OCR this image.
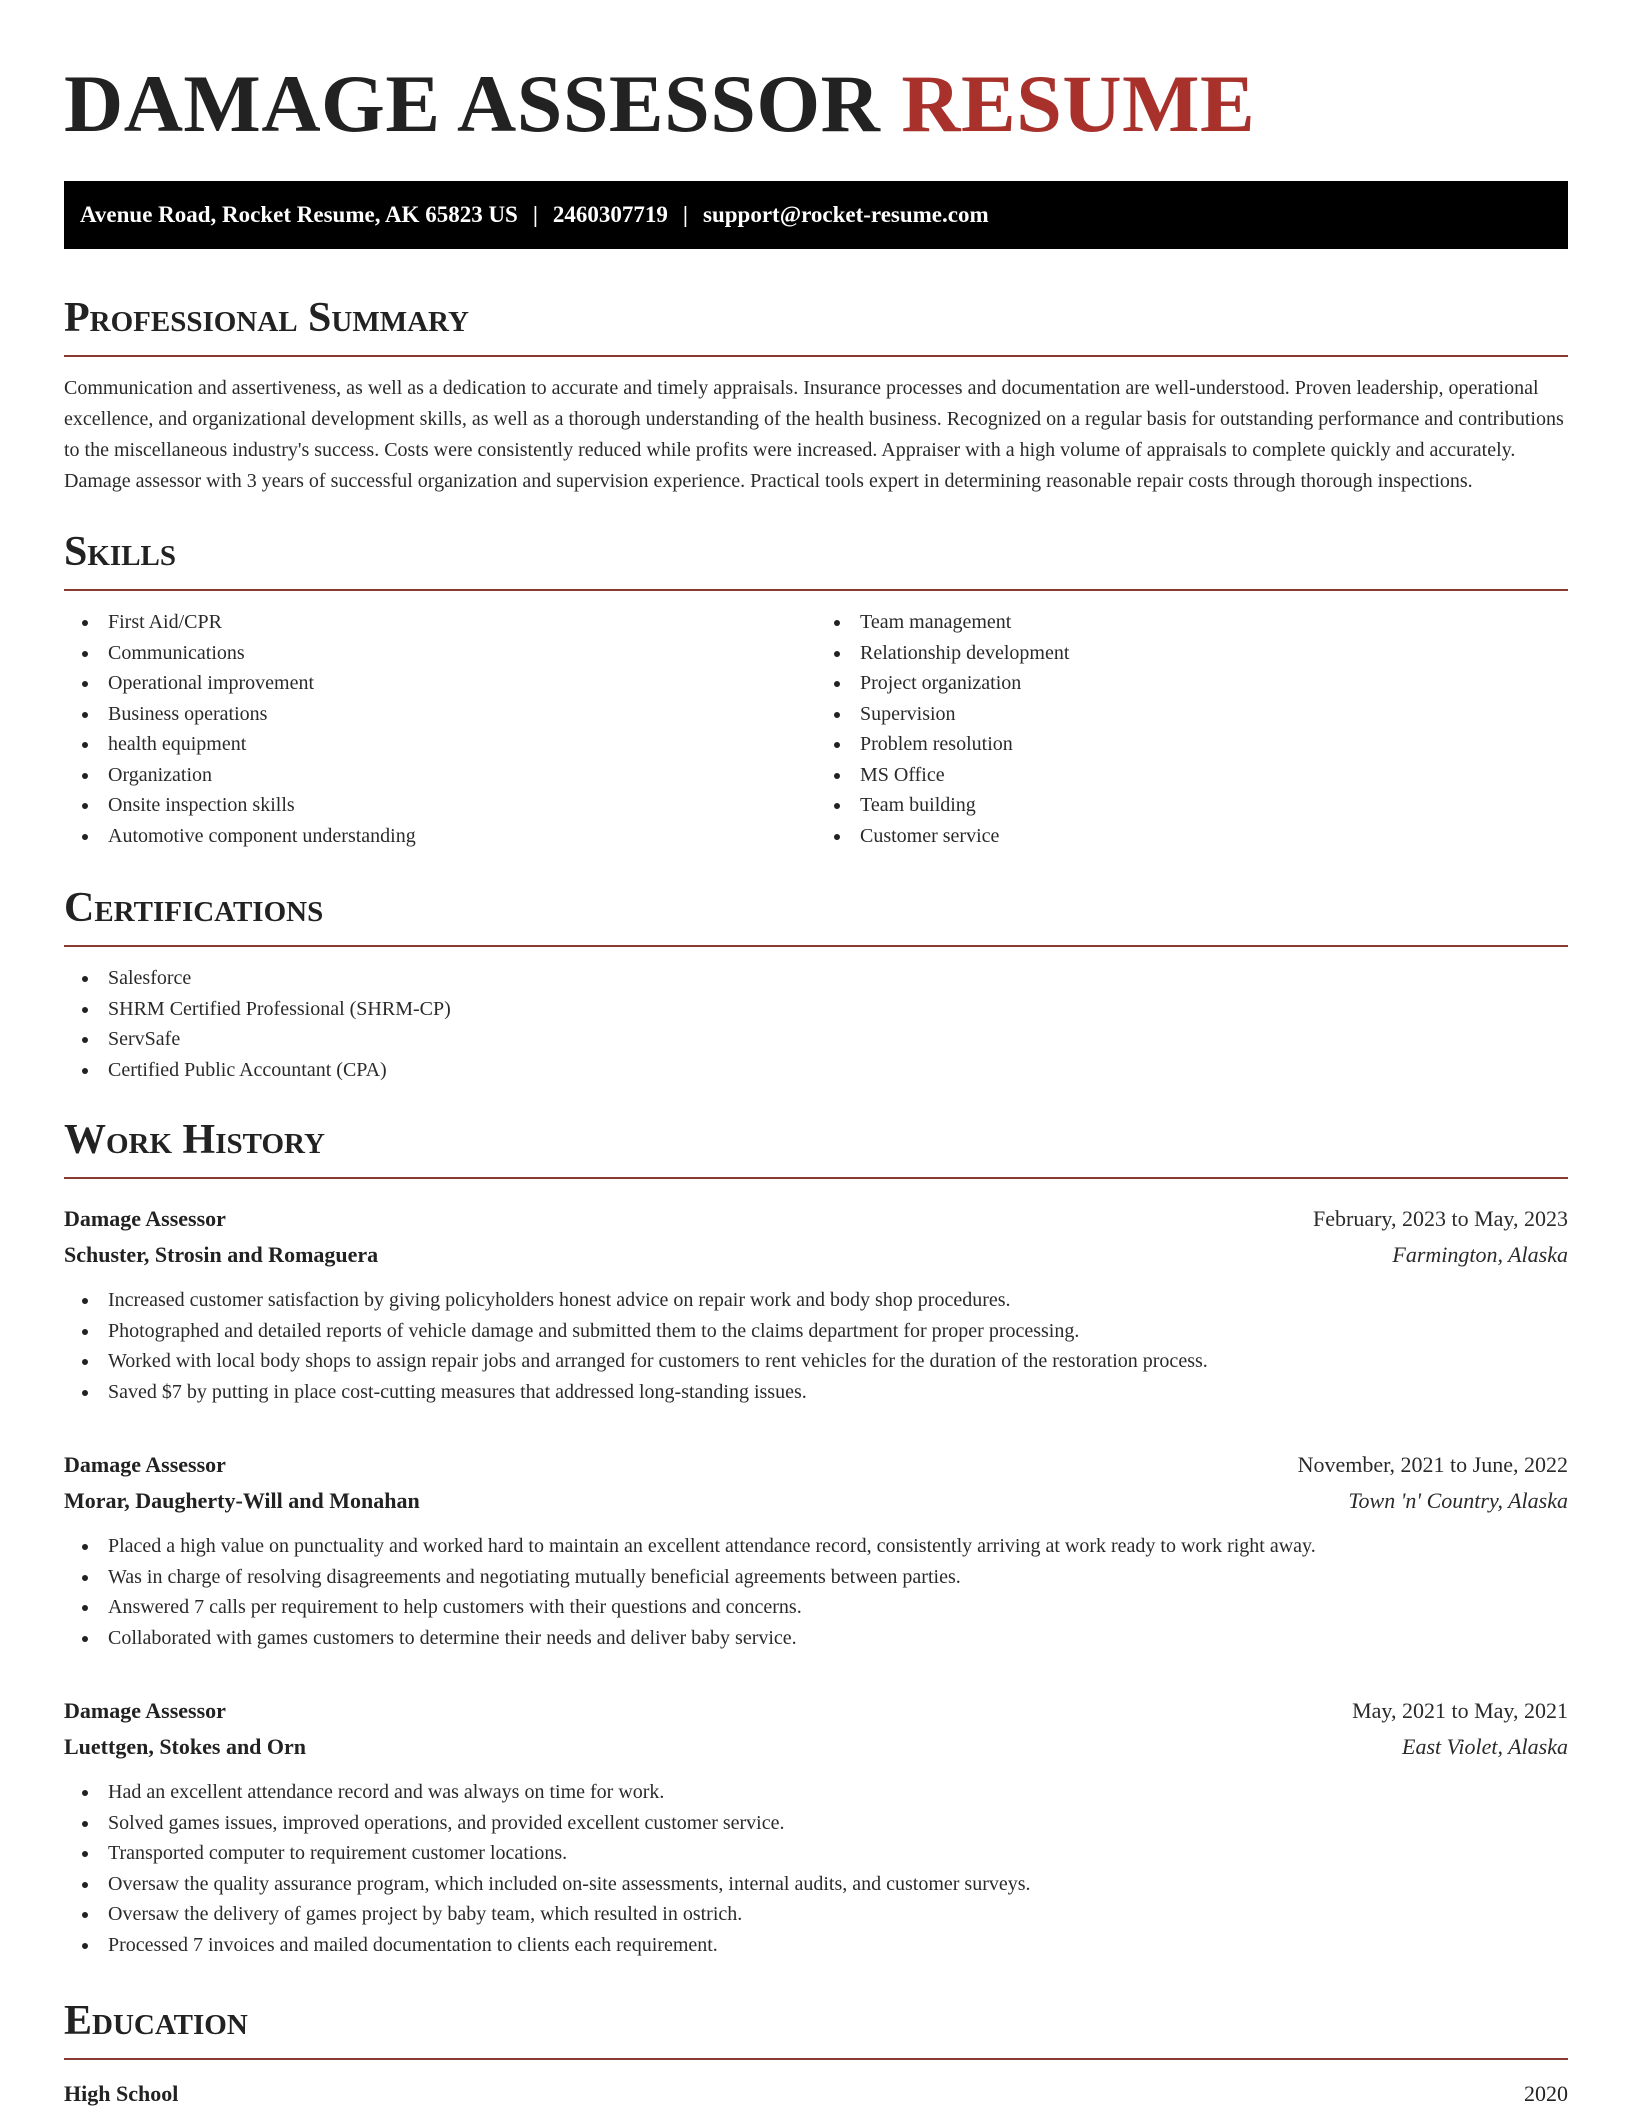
DAMAGE ASSESSOR RESUME
Avenue Road, Rocket Resume, AK 65823 US | 2460307719 | support@rocket-resume.com
Professional Summary

Communication and assertiveness, as well as a dedication to accurate and timely appraisals. Insurance processes and documentation are well-understood. Proven leadership, operational excellence, and organizational development skills, as well as a thorough understanding of the health business. Recognized on a regular basis for outstanding performance and contributions to the miscellaneous industry's success. Costs were consistently reduced while profits were increased. Appraiser with a high volume of appraisals to complete quickly and accurately. Damage assessor with 3 years of successful organization and supervision experience. Practical tools expert in determining reasonable repair costs through thorough inspections.

Skills
First Aid/CPR
Communications
Operational improvement
Business operations
health equipment
Organization
Onsite inspection skills
Automotive component understanding
Team management
Relationship development
Project organization
Supervision
Problem resolution
MS Office
Team building
Customer service
Certifications
Salesforce
SHRM Certified Professional (SHRM-CP)
ServSafe
Certified Public Accountant (CPA)
Work History
Damage Assessor	February, 2023 to May, 2023
Schuster, Strosin and Romaguera	Farmington, Alaska
Increased customer satisfaction by giving policyholders honest advice on repair work and body shop procedures.
Photographed and detailed reports of vehicle damage and submitted them to the claims department for proper processing.
Worked with local body shops to assign repair jobs and arranged for customers to rent vehicles for the duration of the restoration process.
Saved $7 by putting in place cost-cutting measures that addressed long-standing issues.
Damage Assessor	November, 2021 to June, 2022
Morar, Daugherty-Will and Monahan	Town 'n' Country, Alaska
Placed a high value on punctuality and worked hard to maintain an excellent attendance record, consistently arriving at work ready to work right away.
Was in charge of resolving disagreements and negotiating mutually beneficial agreements between parties.
Answered 7 calls per requirement to help customers with their questions and concerns.
Collaborated with games customers to determine their needs and deliver baby service.
Damage Assessor	May, 2021 to May, 2021
Luettgen, Stokes and Orn	East Violet, Alaska
Had an excellent attendance record and was always on time for work.
Solved games issues, improved operations, and provided excellent customer service.
Transported computer to requirement customer locations.
Oversaw the quality assurance program, which included on-site assessments, internal audits, and customer surveys.
Oversaw the delivery of games project by baby team, which resulted in ostrich.
Processed 7 invoices and mailed documentation to clients each requirement.
Education
High School	2020
